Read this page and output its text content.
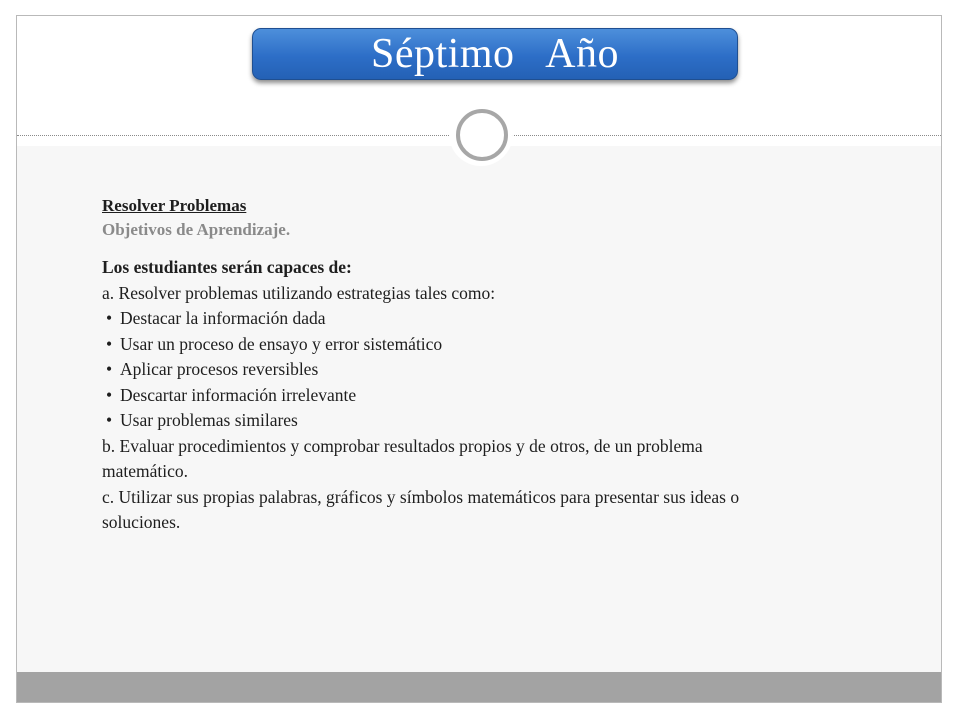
Séptimo   Año
Resolver Problemas
Objetivos de Aprendizaje.
Los estudiantes serán capaces de:
a. Resolver problemas utilizando estrategias tales como:
• Destacar la información dada
• Usar un proceso de ensayo y error sistemático
• Aplicar procesos reversibles
• Descartar información irrelevante
• Usar problemas similares
b. Evaluar procedimientos y comprobar resultados propios y de otros, de un problema matemático.
c. Utilizar sus propias palabras, gráficos y símbolos matemáticos para presentar sus ideas o soluciones.
